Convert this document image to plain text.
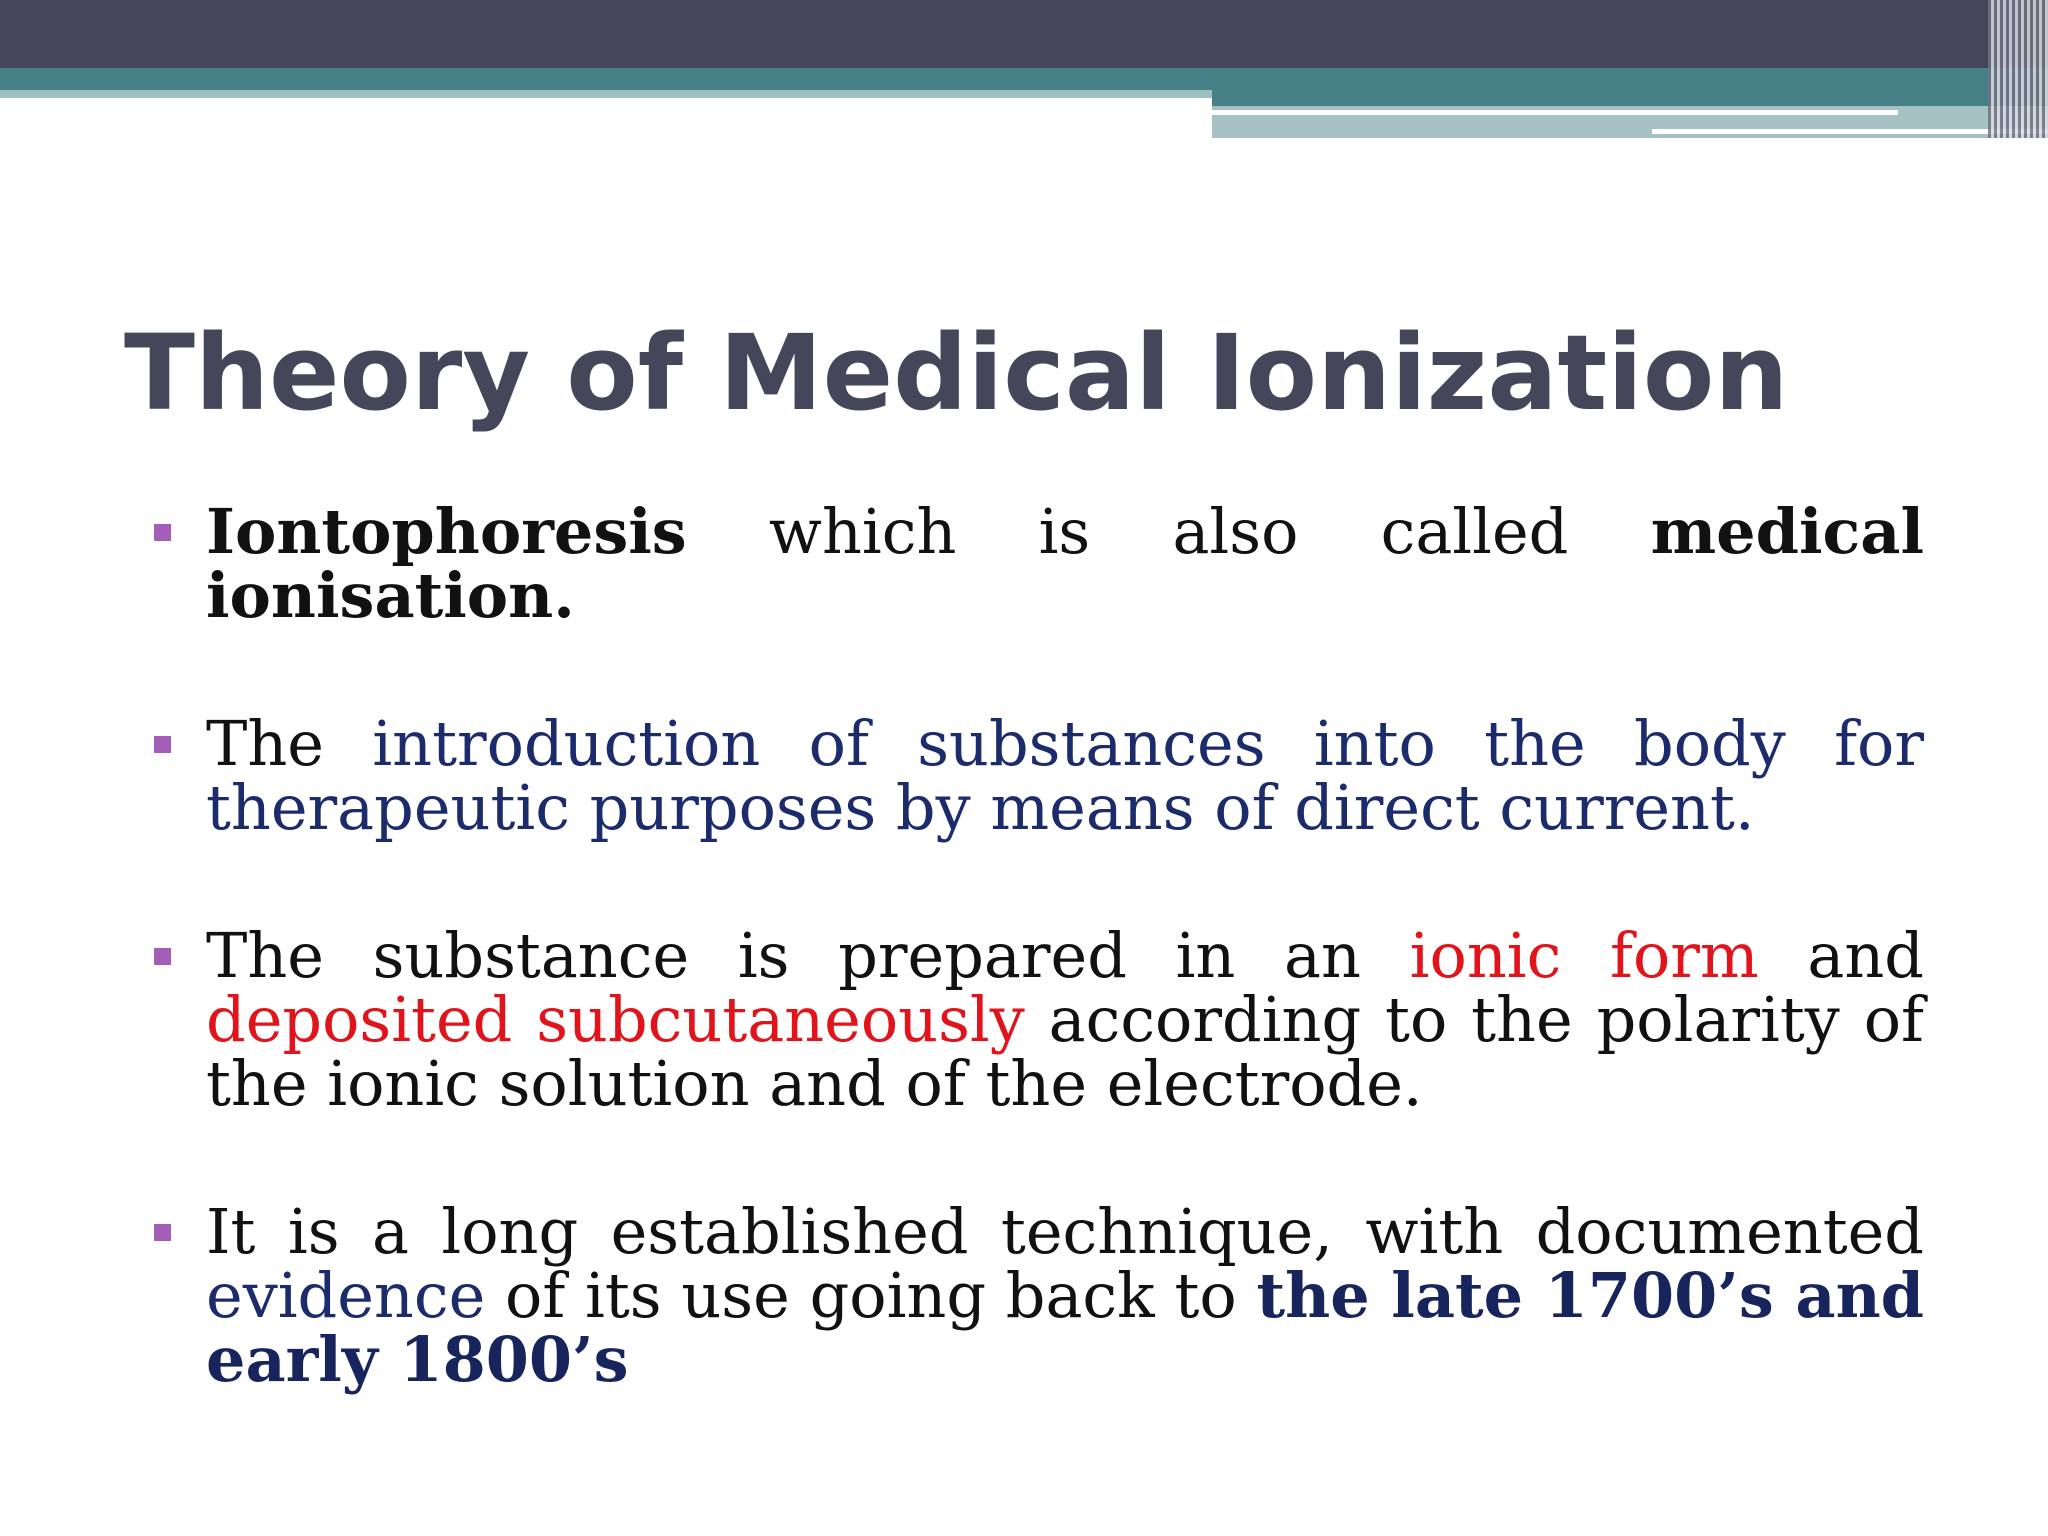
Theory of Medical Ionization
Iontophoresis which is also called medical ionisation.
The introduction of substances into the body for therapeutic purposes by means of direct current.
The substance is prepared in an ionic form and deposited subcutaneously according to the polarity of the ionic solution and of the electrode.
It is a long established technique, with documented evidence of its use going back to the late 1700’s and early 1800’s
